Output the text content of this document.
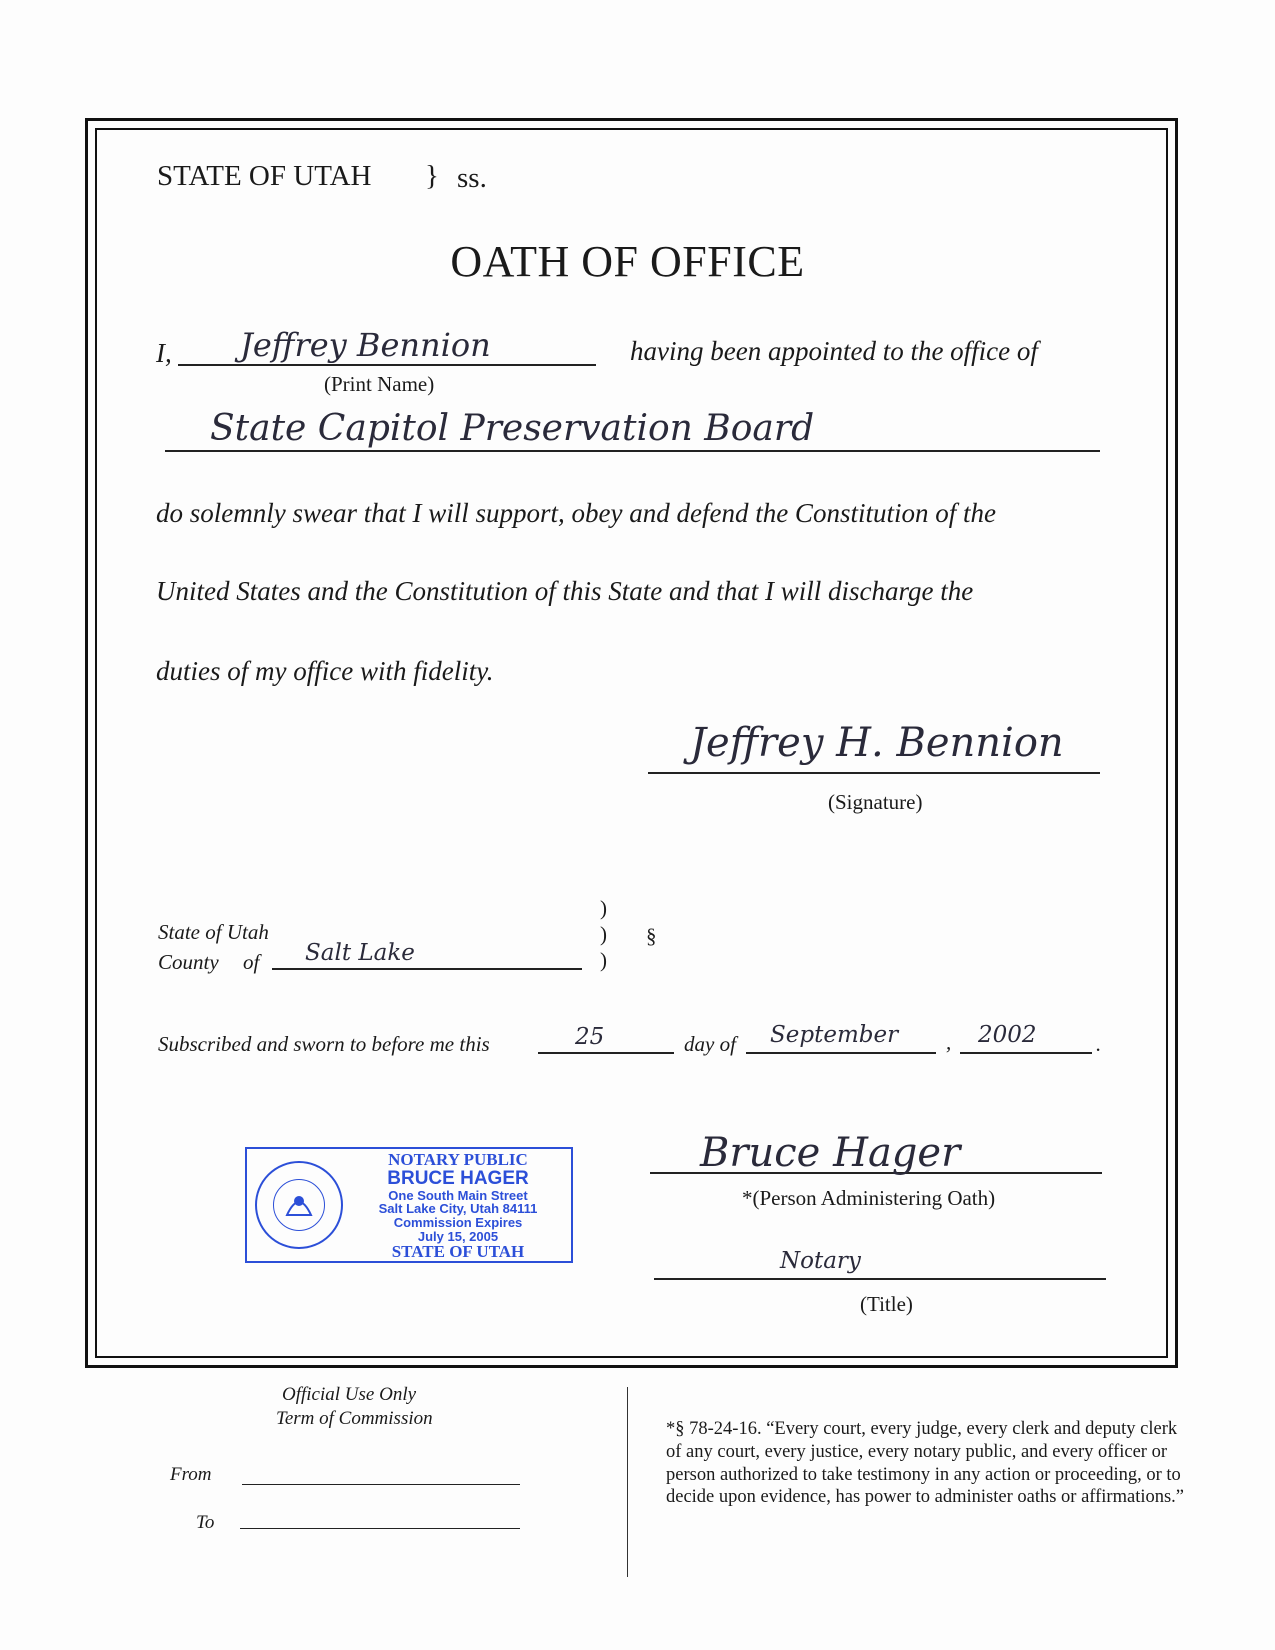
STATE OF UTAH } ss.
OATH OF OFFICE
I, Jeffrey Bennion
(Print Name)
having been appointed to the office of
State Capitol Preservation Board
do solemnly swear that I will support, obey and defend the Constitution of the
United States and the Constitution of this State and that I will discharge the
duties of my office with fidelity.
Jeffrey H. Bennion
(Signature)
State of Utah
County of Salt Lake
)
)
)
§
Subscribed and sworn to before me this	25	day of September , 2002	.
NOTARY PUBLIC
BRUCE HAGER
One South Main Street
Salt Lake City, Utah 84111
Commission Expires
July 15, 2005
STATE OF UTAH
Bruce Hager
*(Person Administering Oath)
Notary
(Title)
Official Use Only
Term of Commission
From
To
*§ 78-24-16. “Every court, every judge, every clerk and deputy clerk of any court, every justice, every notary public, and every officer or person authorized to take testimony in any action or proceeding, or to decide upon evidence, has power to administer oaths or affirmations.”
